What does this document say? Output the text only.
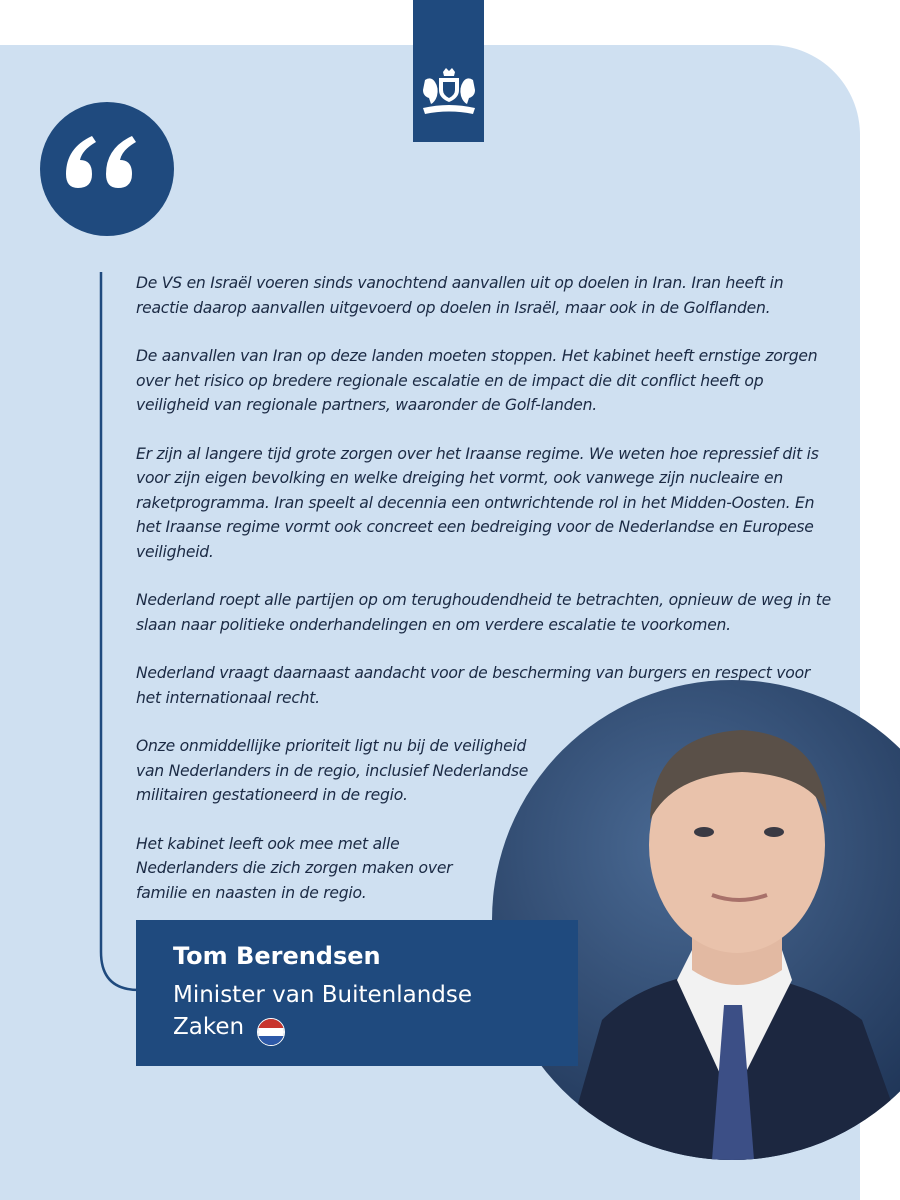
De VS en Israël voeren sinds vanochtend aanvallen uit op doelen in Iran. Iran heeft in reactie daarop aanvallen uitgevoerd op doelen in Israël, maar ook in de Golflanden.

De aanvallen van Iran op deze landen moeten stoppen. Het kabinet heeft ernstige zorgen over het risico op bredere regionale escalatie en de impact die dit conflict heeft op veiligheid van regionale partners, waaronder de Golf-landen.

Er zijn al langere tijd grote zorgen over het Iraanse regime. We weten hoe repressief dit is voor zijn eigen bevolking en welke dreiging het vormt, ook vanwege zijn nucleaire en raketprogramma. Iran speelt al decennia een ontwrichtende rol in het Midden-Oosten. En het Iraanse regime vormt ook concreet een bedreiging voor de Nederlandse en Europese veiligheid.

Nederland roept alle partijen op om terughoudendheid te betrachten, opnieuw de weg in te slaan naar politieke onderhandelingen en om verdere escalatie te voorkomen.

Nederland vraagt daarnaast aandacht voor de bescherming van burgers en respect voor het internationaal recht.

Onze onmiddellijke prioriteit ligt nu bij de veiligheid van Nederlanders in de regio, inclusief Nederlandse militairen gestationeerd in de regio.

Het kabinet leeft ook mee met alle Nederlanders die zich zorgen maken over familie en naasten in de regio.

Tom Berendsen
Minister van Buitenlandse
Zaken
